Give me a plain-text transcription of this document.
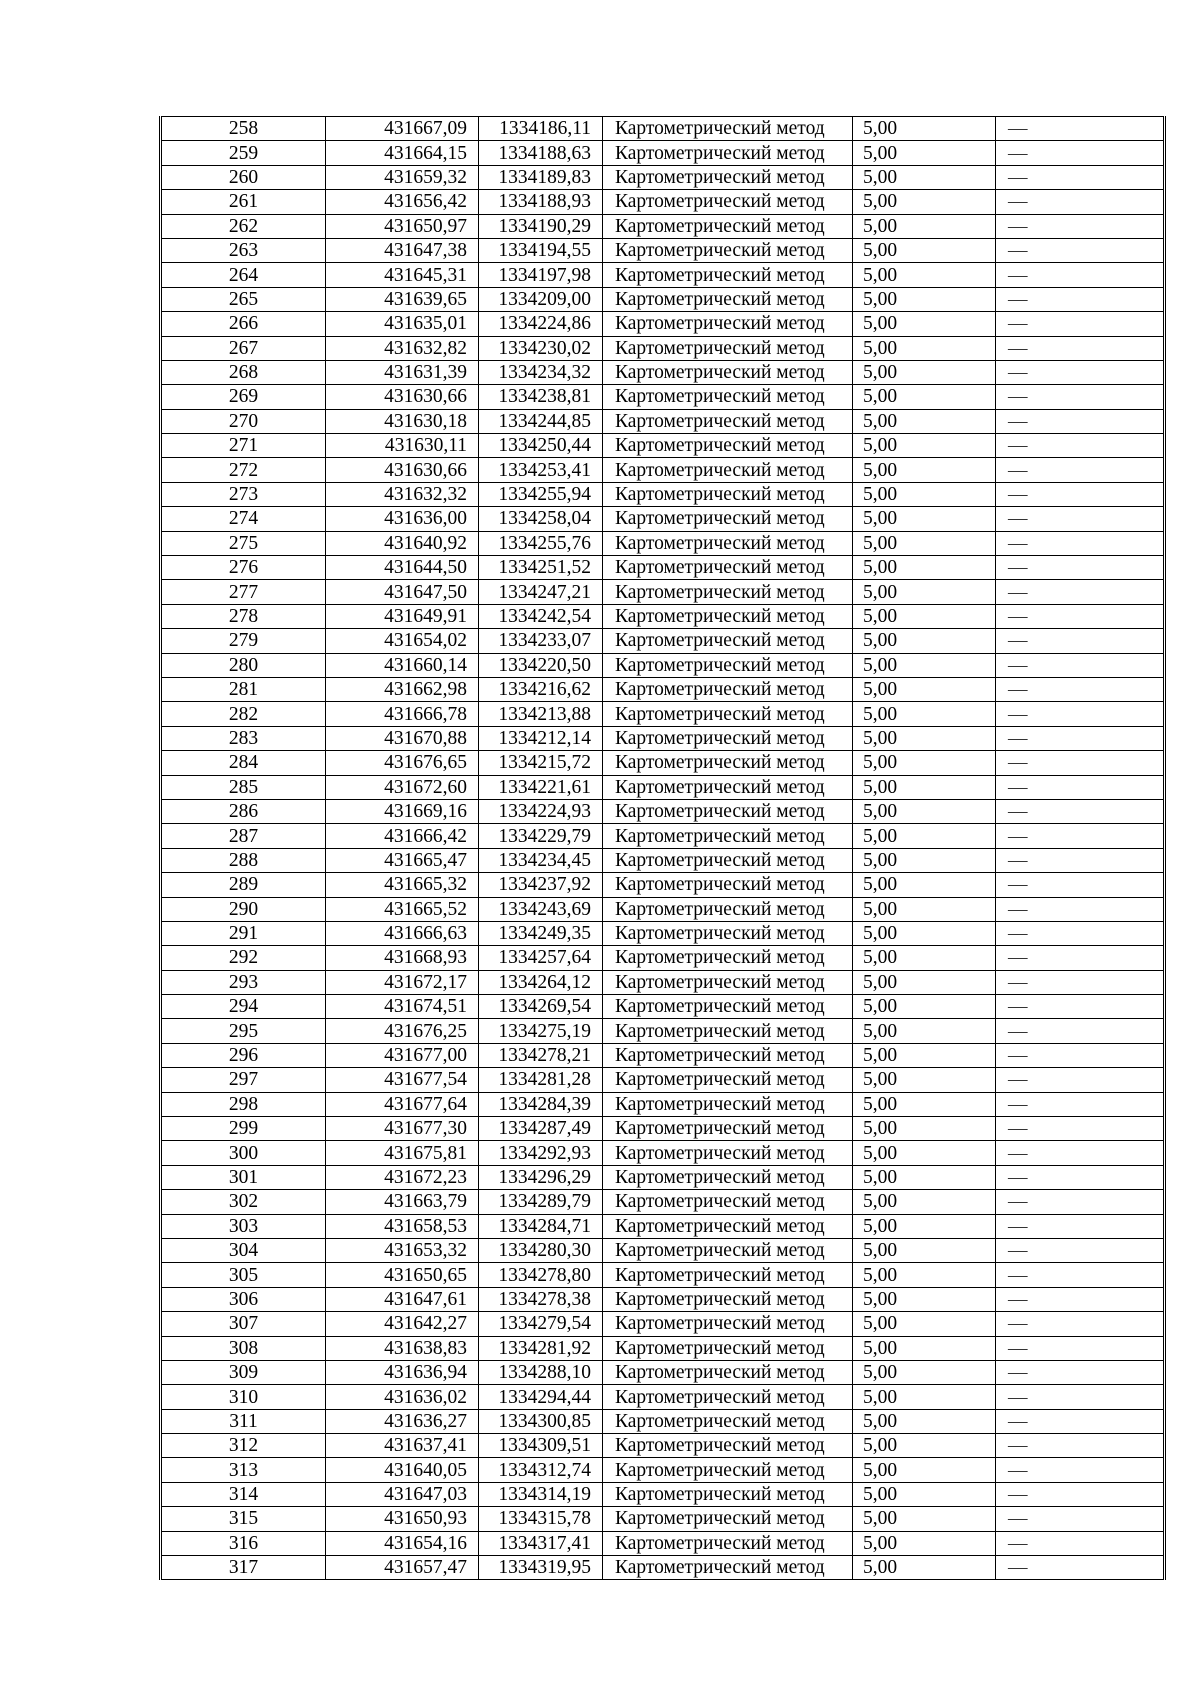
258	431667,09	1334186,11	Картометрический метод	5,00	—
259	431664,15	1334188,63	Картометрический метод	5,00	—
260	431659,32	1334189,83	Картометрический метод	5,00	—
261	431656,42	1334188,93	Картометрический метод	5,00	—
262	431650,97	1334190,29	Картометрический метод	5,00	—
263	431647,38	1334194,55	Картометрический метод	5,00	—
264	431645,31	1334197,98	Картометрический метод	5,00	—
265	431639,65	1334209,00	Картометрический метод	5,00	—
266	431635,01	1334224,86	Картометрический метод	5,00	—
267	431632,82	1334230,02	Картометрический метод	5,00	—
268	431631,39	1334234,32	Картометрический метод	5,00	—
269	431630,66	1334238,81	Картометрический метод	5,00	—
270	431630,18	1334244,85	Картометрический метод	5,00	—
271	431630,11	1334250,44	Картометрический метод	5,00	—
272	431630,66	1334253,41	Картометрический метод	5,00	—
273	431632,32	1334255,94	Картометрический метод	5,00	—
274	431636,00	1334258,04	Картометрический метод	5,00	—
275	431640,92	1334255,76	Картометрический метод	5,00	—
276	431644,50	1334251,52	Картометрический метод	5,00	—
277	431647,50	1334247,21	Картометрический метод	5,00	—
278	431649,91	1334242,54	Картометрический метод	5,00	—
279	431654,02	1334233,07	Картометрический метод	5,00	—
280	431660,14	1334220,50	Картометрический метод	5,00	—
281	431662,98	1334216,62	Картометрический метод	5,00	—
282	431666,78	1334213,88	Картометрический метод	5,00	—
283	431670,88	1334212,14	Картометрический метод	5,00	—
284	431676,65	1334215,72	Картометрический метод	5,00	—
285	431672,60	1334221,61	Картометрический метод	5,00	—
286	431669,16	1334224,93	Картометрический метод	5,00	—
287	431666,42	1334229,79	Картометрический метод	5,00	—
288	431665,47	1334234,45	Картометрический метод	5,00	—
289	431665,32	1334237,92	Картометрический метод	5,00	—
290	431665,52	1334243,69	Картометрический метод	5,00	—
291	431666,63	1334249,35	Картометрический метод	5,00	—
292	431668,93	1334257,64	Картометрический метод	5,00	—
293	431672,17	1334264,12	Картометрический метод	5,00	—
294	431674,51	1334269,54	Картометрический метод	5,00	—
295	431676,25	1334275,19	Картометрический метод	5,00	—
296	431677,00	1334278,21	Картометрический метод	5,00	—
297	431677,54	1334281,28	Картометрический метод	5,00	—
298	431677,64	1334284,39	Картометрический метод	5,00	—
299	431677,30	1334287,49	Картометрический метод	5,00	—
300	431675,81	1334292,93	Картометрический метод	5,00	—
301	431672,23	1334296,29	Картометрический метод	5,00	—
302	431663,79	1334289,79	Картометрический метод	5,00	—
303	431658,53	1334284,71	Картометрический метод	5,00	—
304	431653,32	1334280,30	Картометрический метод	5,00	—
305	431650,65	1334278,80	Картометрический метод	5,00	—
306	431647,61	1334278,38	Картометрический метод	5,00	—
307	431642,27	1334279,54	Картометрический метод	5,00	—
308	431638,83	1334281,92	Картометрический метод	5,00	—
309	431636,94	1334288,10	Картометрический метод	5,00	—
310	431636,02	1334294,44	Картометрический метод	5,00	—
311	431636,27	1334300,85	Картометрический метод	5,00	—
312	431637,41	1334309,51	Картометрический метод	5,00	—
313	431640,05	1334312,74	Картометрический метод	5,00	—
314	431647,03	1334314,19	Картометрический метод	5,00	—
315	431650,93	1334315,78	Картометрический метод	5,00	—
316	431654,16	1334317,41	Картометрический метод	5,00	—
317	431657,47	1334319,95	Картометрический метод	5,00	—
